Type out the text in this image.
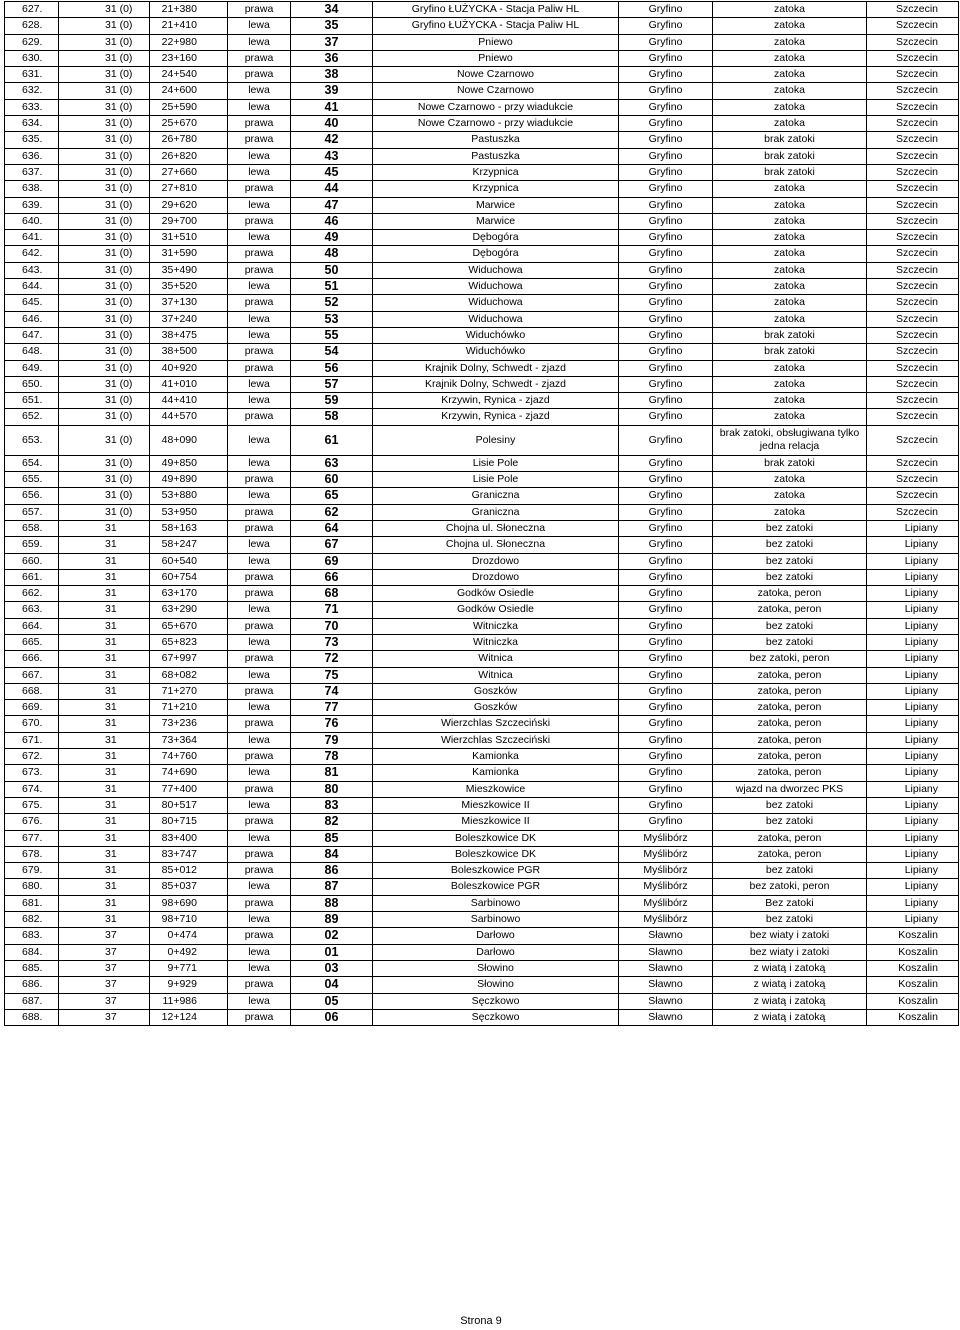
627.	31 (0)	21+380	prawa	34	Gryfino ŁUŻYCKA - Stacja Paliw HL	Gryfino	zatoka	Szczecin
628.	31 (0)	21+410	lewa	35	Gryfino ŁUŻYCKA - Stacja Paliw HL	Gryfino	zatoka	Szczecin
629.	31 (0)	22+980	lewa	37	Pniewo	Gryfino	zatoka	Szczecin
630.	31 (0)	23+160	prawa	36	Pniewo	Gryfino	zatoka	Szczecin
631.	31 (0)	24+540	prawa	38	Nowe Czarnowo	Gryfino	zatoka	Szczecin
632.	31 (0)	24+600	lewa	39	Nowe Czarnowo	Gryfino	zatoka	Szczecin
633.	31 (0)	25+590	lewa	41	Nowe Czarnowo - przy wiadukcie	Gryfino	zatoka	Szczecin
634.	31 (0)	25+670	prawa	40	Nowe Czarnowo - przy wiadukcie	Gryfino	zatoka	Szczecin
635.	31 (0)	26+780	prawa	42	Pastuszka	Gryfino	brak zatoki	Szczecin
636.	31 (0)	26+820	lewa	43	Pastuszka	Gryfino	brak zatoki	Szczecin
637.	31 (0)	27+660	lewa	45	Krzypnica	Gryfino	brak zatoki	Szczecin
638.	31 (0)	27+810	prawa	44	Krzypnica	Gryfino	zatoka	Szczecin
639.	31 (0)	29+620	lewa	47	Marwice	Gryfino	zatoka	Szczecin
640.	31 (0)	29+700	prawa	46	Marwice	Gryfino	zatoka	Szczecin
641.	31 (0)	31+510	lewa	49	Dębogóra	Gryfino	zatoka	Szczecin
642.	31 (0)	31+590	prawa	48	Dębogóra	Gryfino	zatoka	Szczecin
643.	31 (0)	35+490	prawa	50	Widuchowa	Gryfino	zatoka	Szczecin
644.	31 (0)	35+520	lewa	51	Widuchowa	Gryfino	zatoka	Szczecin
645.	31 (0)	37+130	prawa	52	Widuchowa	Gryfino	zatoka	Szczecin
646.	31 (0)	37+240	lewa	53	Widuchowa	Gryfino	zatoka	Szczecin
647.	31 (0)	38+475	lewa	55	Widuchówko	Gryfino	brak zatoki	Szczecin
648.	31 (0)	38+500	prawa	54	Widuchówko	Gryfino	brak zatoki	Szczecin
649.	31 (0)	40+920	prawa	56	Krajnik Dolny, Schwedt - zjazd	Gryfino	zatoka	Szczecin
650.	31 (0)	41+010	lewa	57	Krajnik Dolny, Schwedt - zjazd	Gryfino	zatoka	Szczecin
651.	31 (0)	44+410	lewa	59	Krzywin, Rynica - zjazd	Gryfino	zatoka	Szczecin
652.	31 (0)	44+570	prawa	58	Krzywin, Rynica - zjazd	Gryfino	zatoka	Szczecin
653.	31 (0)	48+090	lewa	61	Polesiny	Gryfino	brak zatoki, obsługiwana tylko jedna relacja	Szczecin
654.	31 (0)	49+850	lewa	63	Lisie Pole	Gryfino	brak zatoki	Szczecin
655.	31 (0)	49+890	prawa	60	Lisie Pole	Gryfino	zatoka	Szczecin
656.	31 (0)	53+880	lewa	65	Graniczna	Gryfino	zatoka	Szczecin
657.	31 (0)	53+950	prawa	62	Graniczna	Gryfino	zatoka	Szczecin
658.	31	58+163	prawa	64	Chojna ul. Słoneczna	Gryfino	bez zatoki	Lipiany
659.	31	58+247	lewa	67	Chojna ul. Słoneczna	Gryfino	bez zatoki	Lipiany
660.	31	60+540	lewa	69	Drozdowo	Gryfino	bez zatoki	Lipiany
661.	31	60+754	prawa	66	Drozdowo	Gryfino	bez zatoki	Lipiany
662.	31	63+170	prawa	68	Godków Osiedle	Gryfino	zatoka, peron	Lipiany
663.	31	63+290	lewa	71	Godków Osiedle	Gryfino	zatoka, peron	Lipiany
664.	31	65+670	prawa	70	Witniczka	Gryfino	bez zatoki	Lipiany
665.	31	65+823	lewa	73	Witniczka	Gryfino	bez zatoki	Lipiany
666.	31	67+997	prawa	72	Witnica	Gryfino	bez zatoki, peron	Lipiany
667.	31	68+082	lewa	75	Witnica	Gryfino	zatoka, peron	Lipiany
668.	31	71+270	prawa	74	Goszków	Gryfino	zatoka, peron	Lipiany
669.	31	71+210	lewa	77	Goszków	Gryfino	zatoka, peron	Lipiany
670.	31	73+236	prawa	76	Wierzchlas Szczeciński	Gryfino	zatoka, peron	Lipiany
671.	31	73+364	lewa	79	Wierzchlas Szczeciński	Gryfino	zatoka, peron	Lipiany
672.	31	74+760	prawa	78	Kamionka	Gryfino	zatoka, peron	Lipiany
673.	31	74+690	lewa	81	Kamionka	Gryfino	zatoka, peron	Lipiany
674.	31	77+400	prawa	80	Mieszkowice	Gryfino	wjazd na dworzec PKS	Lipiany
675.	31	80+517	lewa	83	Mieszkowice II	Gryfino	bez zatoki	Lipiany
676.	31	80+715	prawa	82	Mieszkowice II	Gryfino	bez zatoki	Lipiany
677.	31	83+400	lewa	85	Boleszkowice DK	Myślibórz	zatoka, peron	Lipiany
678.	31	83+747	prawa	84	Boleszkowice DK	Myślibórz	zatoka, peron	Lipiany
679.	31	85+012	prawa	86	Boleszkowice PGR	Myślibórz	bez zatoki	Lipiany
680.	31	85+037	lewa	87	Boleszkowice PGR	Myślibórz	bez zatoki, peron	Lipiany
681.	31	98+690	prawa	88	Sarbinowo	Myślibórz	Bez zatoki	Lipiany
682.	31	98+710	lewa	89	Sarbinowo	Myślibórz	bez zatoki	Lipiany
683.	37	0+474	prawa	02	Darłowo	Sławno	bez wiaty i zatoki	Koszalin
684.	37	0+492	lewa	01	Darłowo	Sławno	bez wiaty i zatoki	Koszalin
685.	37	9+771	lewa	03	Słowino	Sławno	z wiatą i zatoką	Koszalin
686.	37	9+929	prawa	04	Słowino	Sławno	z wiatą i zatoką	Koszalin
687.	37	11+986	lewa	05	Sęczkowo	Sławno	z wiatą i zatoką	Koszalin
688.	37	12+124	prawa	06	Sęczkowo	Sławno	z wiatą i zatoką	Koszalin
Strona 9
